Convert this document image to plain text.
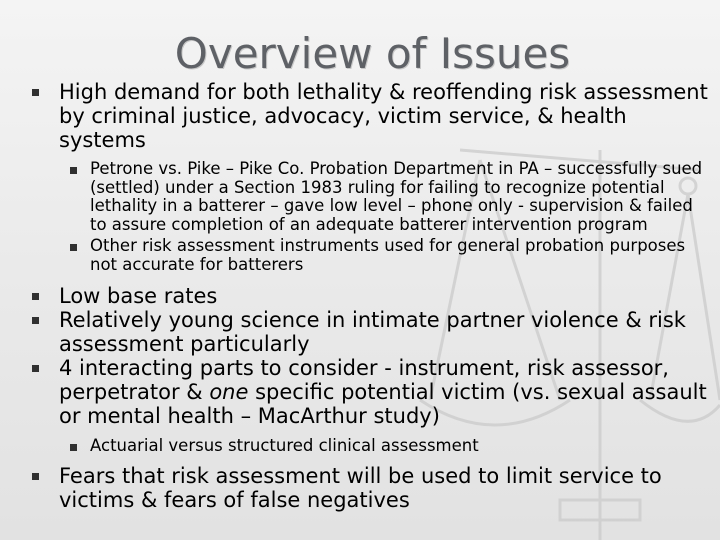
Overview of Issues
High demand for both lethality & reoffending risk assessment by criminal justice, advocacy, victim service, & health systems
Petrone vs. Pike – Pike Co. Probation Department in PA – successfully sued (settled) under a Section 1983 ruling for failing to recognize potential lethality in a batterer – gave low level – phone only - supervision & failed to assure completion of an adequate batterer intervention program
Other risk assessment instruments used for general probation purposes not accurate for batterers
Low base rates
Relatively young science in intimate partner violence & risk assessment particularly
4 interacting parts to consider - instrument, risk assessor, perpetrator & one specific potential victim (vs. sexual assault or mental health – MacArthur study)
Actuarial versus structured clinical assessment
Fears that risk assessment will be used to limit service to victims & fears of false negatives
